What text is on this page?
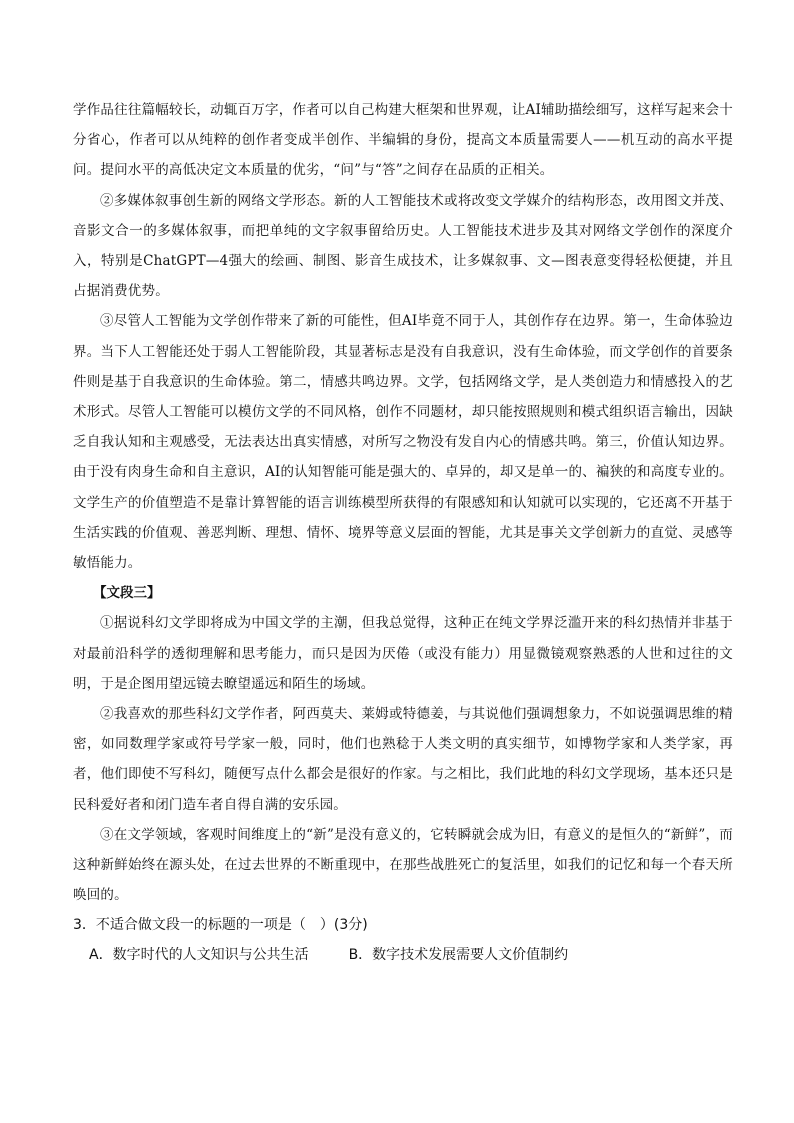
学作品往往篇幅较长，动辄百万字，作者可以自己构建大框架和世界观，让AI辅助描绘细写，这样写起来会十分省心，作者可以从纯粹的创作者变成半创作、半编辑的身份，提高文本质量需要人——机互动的高水平提问。提问水平的高低决定文本质量的优劣，“问”与“答”之间存在品质的正相关。

②多媒体叙事创生新的网络文学形态。新的人工智能技术或将改变文学媒介的结构形态，改用图文并茂、音影文合一的多媒体叙事，而把单纯的文字叙事留给历史。人工智能技术进步及其对网络文学创作的深度介入，特别是ChatGPT—4强大的绘画、制图、影音生成技术，让多媒叙事、文—图表意变得轻松便捷，并且占据消费优势。

③尽管人工智能为文学创作带来了新的可能性，但AI毕竟不同于人，其创作存在边界。第一，生命体验边界。当下人工智能还处于弱人工智能阶段，其显著标志是没有自我意识，没有生命体验，而文学创作的首要条件则是基于自我意识的生命体验。第二，情感共鸣边界。文学，包括网络文学，是人类创造力和情感投入的艺术形式。尽管人工智能可以模仿文学的不同风格，创作不同题材，却只能按照规则和模式组织语言输出，因缺乏自我认知和主观感受，无法表达出真实情感，对所写之物没有发自内心的情感共鸣。第三，价值认知边界。由于没有肉身生命和自主意识，AI的认知智能可能是强大的、卓异的，却又是单一的、褊狭的和高度专业的。文学生产的价值塑造不是靠计算智能的语言训练模型所获得的有限感知和认知就可以实现的，它还离不开基于生活实践的价值观、善恶判断、理想、情怀、境界等意义层面的智能，尤其是事关文学创新力的直觉、灵感等敏悟能力。

【文段三】

①据说科幻文学即将成为中国文学的主潮，但我总觉得，这种正在纯文学界泛滥开来的科幻热情并非基于对最前沿科学的透彻理解和思考能力，而只是因为厌倦（或没有能力）用显微镜观察熟悉的人世和过往的文明，于是企图用望远镜去瞭望遥远和陌生的场域。

②我喜欢的那些科幻文学作者，阿西莫夫、莱姆或特德姜，与其说他们强调想象力，不如说强调思维的精密，如同数理学家或符号学家一般，同时，他们也熟稔于人类文明的真实细节，如博物学家和人类学家，再者，他们即使不写科幻，随便写点什么都会是很好的作家。与之相比，我们此地的科幻文学现场，基本还只是民科爱好者和闭门造车者自得自满的安乐园。

③在文学领域，客观时间维度上的“新”是没有意义的，它转瞬就会成为旧，有意义的是恒久的“新鲜”，而这种新鲜始终在源头处，在过去世界的不断重现中，在那些战胜死亡的复活里，如我们的记忆和每一个春天所唤回的。

3．不适合做文段一的标题的一项是（　）(3分)

A．数字时代的人文知识与公共生活	B．数字技术发展需要人文价值制约
